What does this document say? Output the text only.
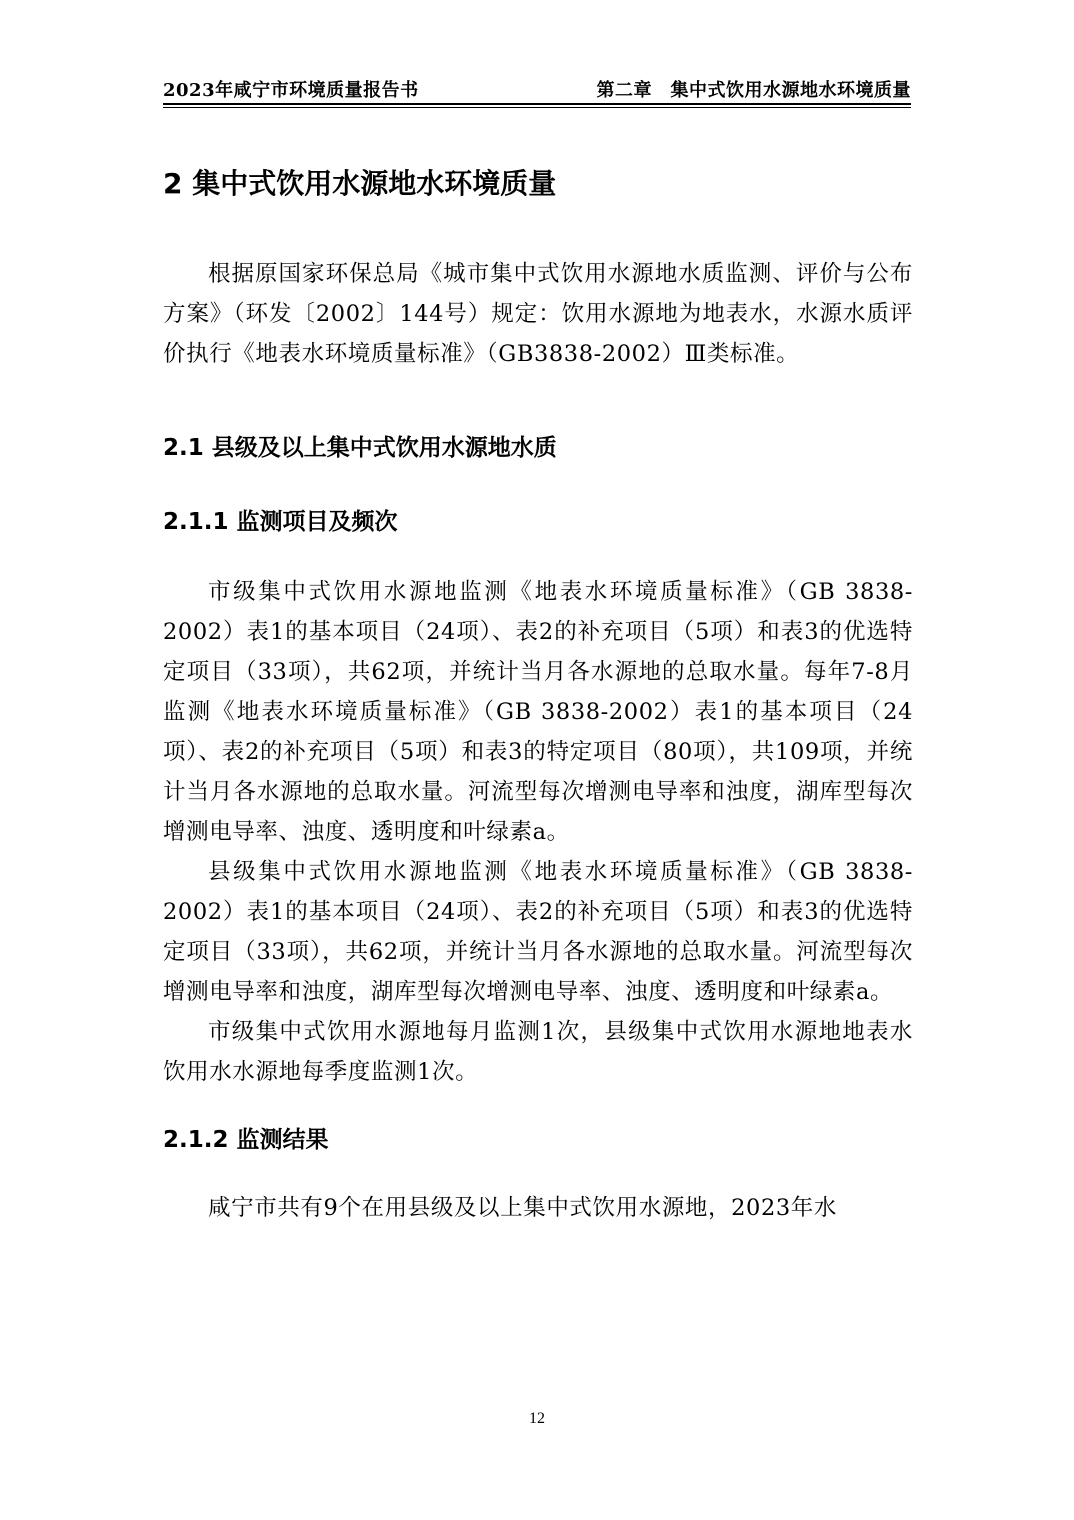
2023年咸宁市环境质量报告书	第二章　集中式饮用水源地水环境质量
2 集中式饮用水源地水环境质量

根据原国家环保总局《城市集中式饮用水源地水质监测、评价与公布方案》（环发〔2002〕144号）规定：饮用水源地为地表水，水源水质评价执行《地表水环境质量标准》（GB3838-2002）Ⅲ类标准。

2.1 县级及以上集中式饮用水源地水质
2.1.1 监测项目及频次

市级集中式饮用水源地监测《地表水环境质量标准》（GB 3838-2002）表1的基本项目（24项）、表2的补充项目（5项）和表3的优选特定项目（33项），共62项，并统计当月各水源地的总取水量。每年7-8月监测《地表水环境质量标准》（GB 3838-2002）表1的基本项目（24项）、表2的补充项目（5项）和表3的特定项目（80项），共109项，并统计当月各水源地的总取水量。河流型每次增测电导率和浊度，湖库型每次增测电导率、浊度、透明度和叶绿素a。

县级集中式饮用水源地监测《地表水环境质量标准》（GB 3838-2002）表1的基本项目（24项）、表2的补充项目（5项）和表3的优选特定项目（33项），共62项，并统计当月各水源地的总取水量。河流型每次增测电导率和浊度，湖库型每次增测电导率、浊度、透明度和叶绿素a。

市级集中式饮用水源地每月监测1次，县级集中式饮用水源地地表水饮用水水源地每季度监测1次。

2.1.2 监测结果

咸宁市共有9个在用县级及以上集中式饮用水源地，2023年水

12
